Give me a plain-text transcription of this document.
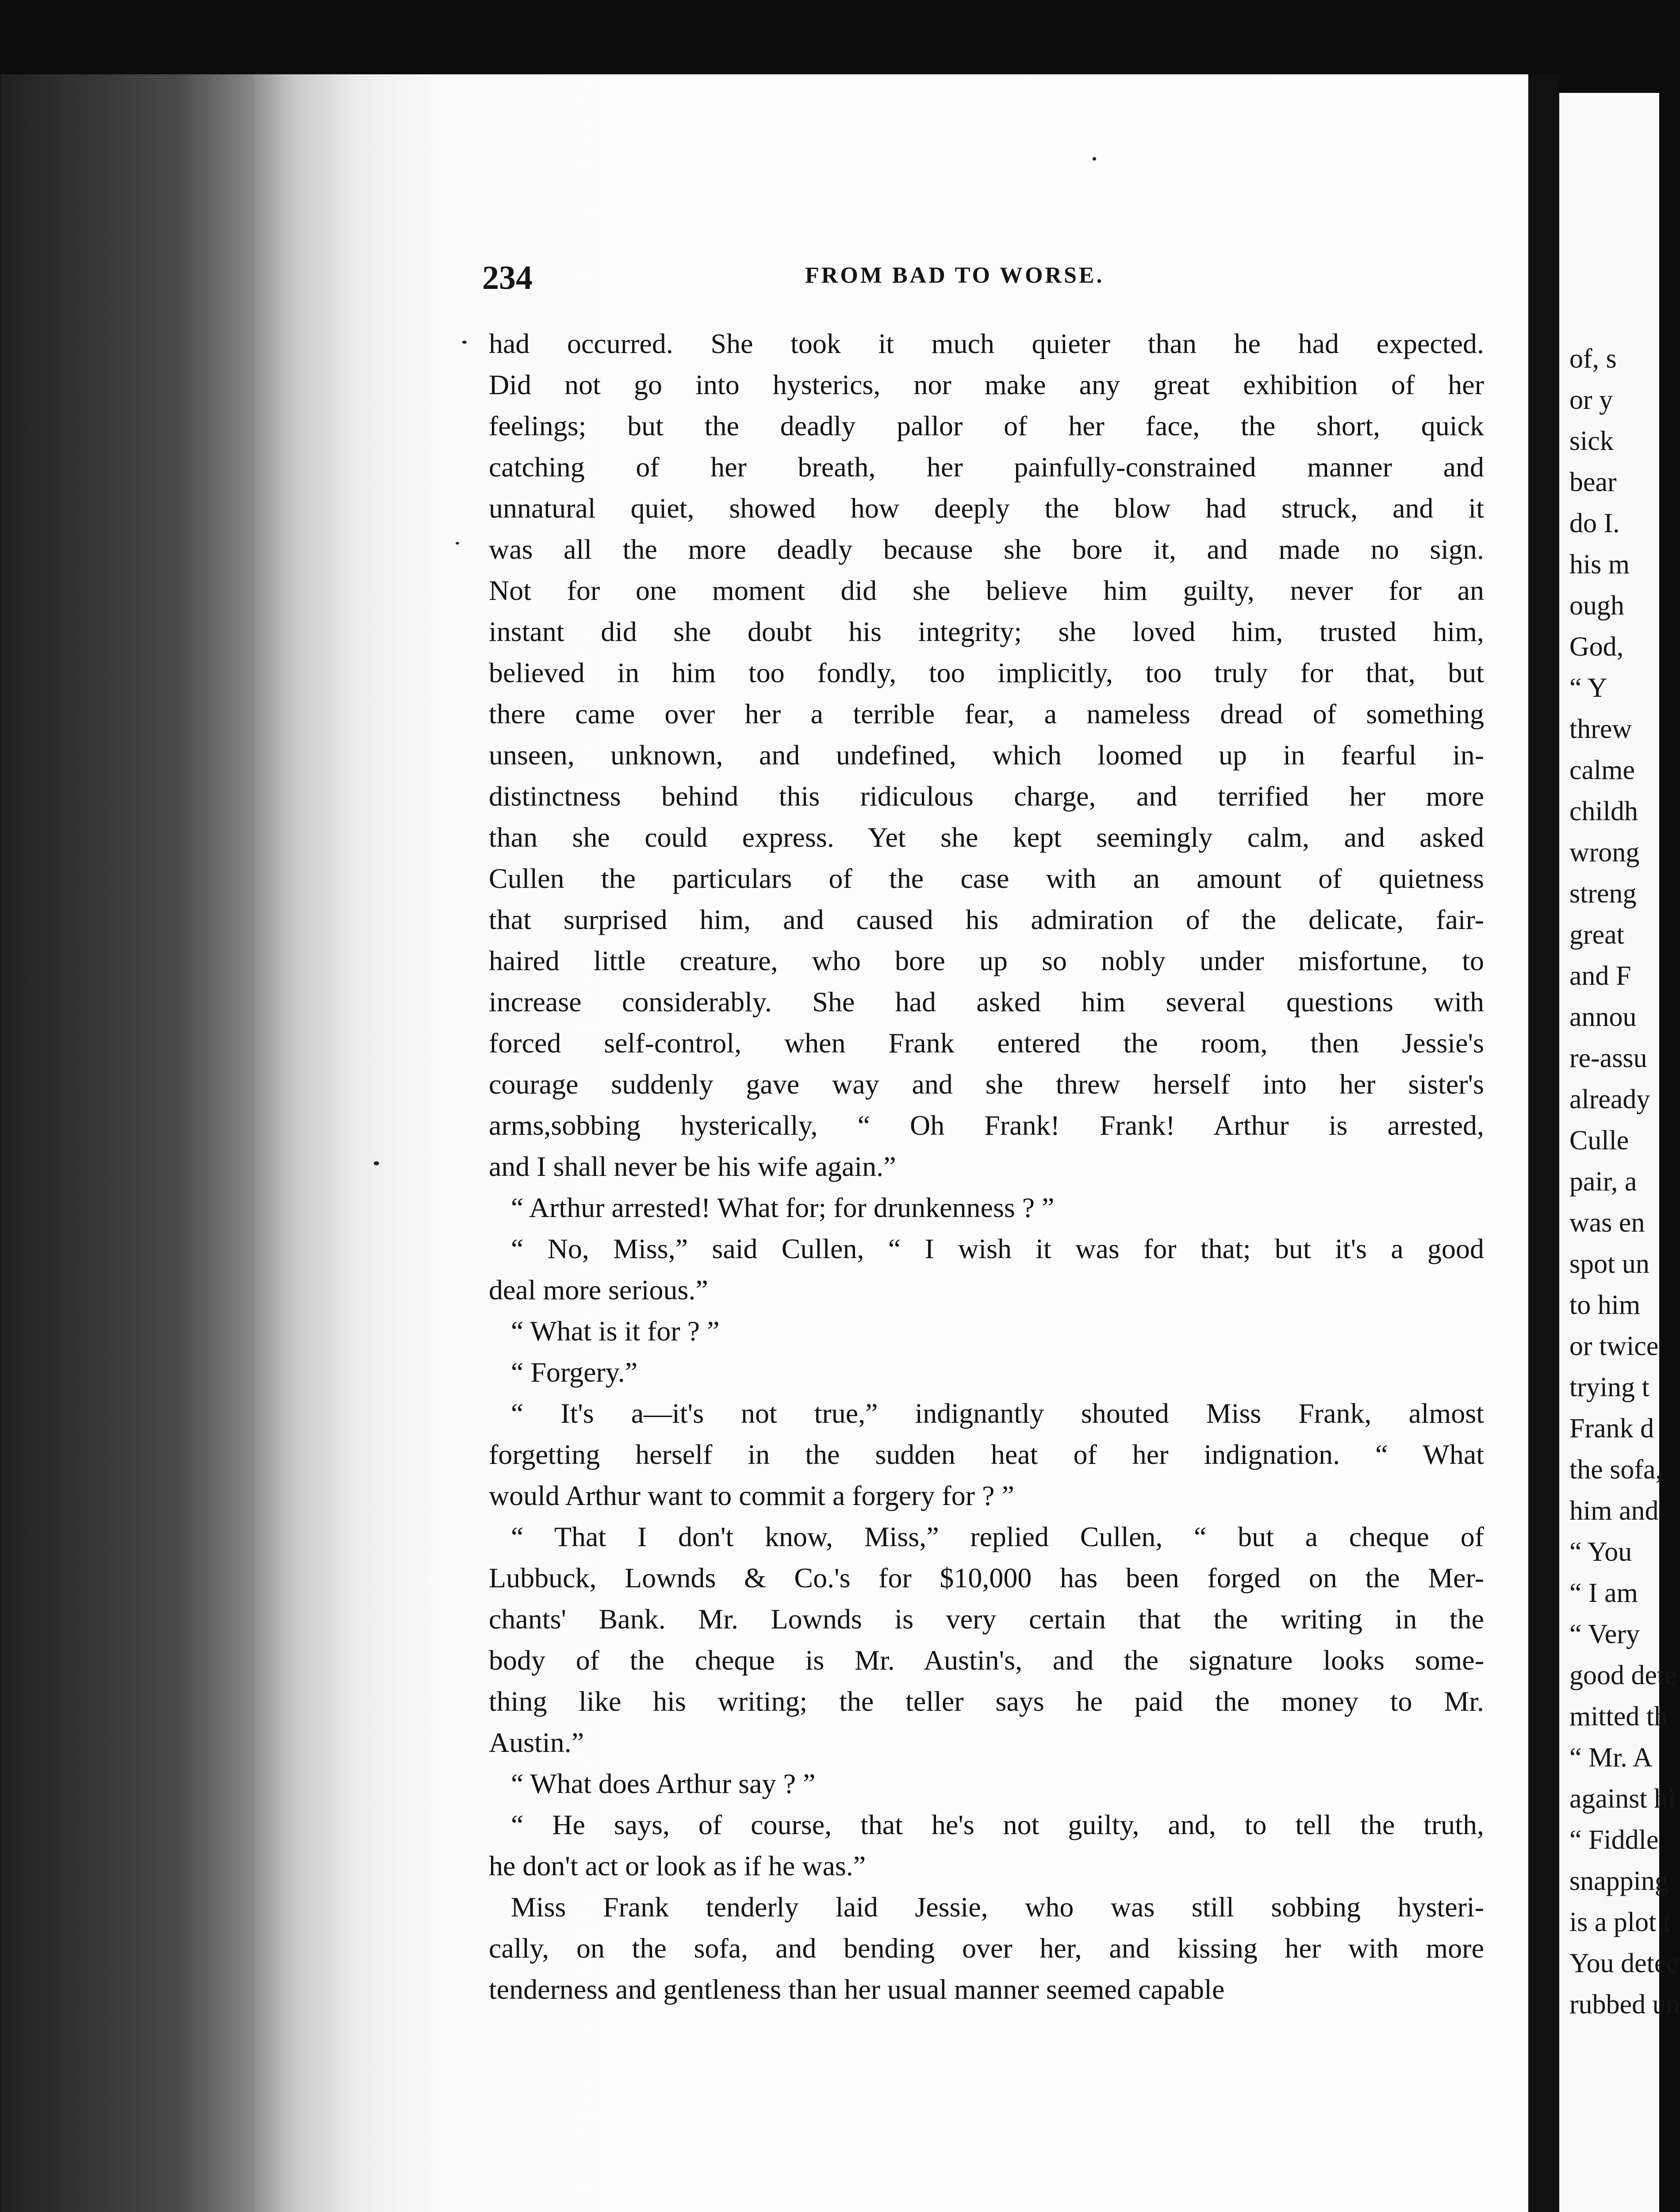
234	FROM BAD TO WORSE.
had occurred. She took it much quieter than he had expected.
Did not go into hysterics, nor make any great exhibition of her
feelings; but the deadly pallor of her face, the short, quick
catching of her breath, her painfully-constrained manner and
unnatural quiet, showed how deeply the blow had struck, and it
was all the more deadly because she bore it, and made no sign.
Not for one moment did she believe him guilty, never for an
instant did she doubt his integrity; she loved him, trusted him,
believed in him too fondly, too implicitly, too truly for that, but
there came over her a terrible fear, a nameless dread of something
unseen, unknown, and undefined, which loomed up in fearful in-
distinctness behind this ridiculous charge, and terrified her more
than she could express. Yet she kept seemingly calm, and asked
Cullen the particulars of the case with an amount of quietness
that surprised him, and caused his admiration of the delicate, fair-
haired little creature, who bore up so nobly under misfortune, to
increase considerably. She had asked him several questions with
forced self-control, when Frank entered the room, then Jessie's
courage suddenly gave way and she threw herself into her sister's
arms,sobbing hysterically, “ Oh Frank! Frank! Arthur is arrested,
and I shall never be his wife again.”
“ Arthur arrested! What for; for drunkenness ? ”
“ No, Miss,” said Cullen, “ I wish it was for that; but it's a good
deal more serious.”
“ What is it for ? ”
“ Forgery.”
“ It's a—it's not true,” indignantly shouted Miss Frank, almost
forgetting herself in the sudden heat of her indignation. “ What
would Arthur want to commit a forgery for ? ”
“ That I don't know, Miss,” replied Cullen, “ but a cheque of
Lubbuck, Lownds & Co.'s for $10,000 has been forged on the Mer-
chants' Bank. Mr. Lownds is very certain that the writing in the
body of the cheque is Mr. Austin's, and the signature looks some-
thing like his writing; the teller says he paid the money to Mr.
Austin.”
“ What does Arthur say ? ”
“ He says, of course, that he's not guilty, and, to tell the truth,
he don't act or look as if he was.”
Miss Frank tenderly laid Jessie, who was still sobbing hysteri-
cally, on the sofa, and bending over her, and kissing her with more
tenderness and gentleness than her usual manner seemed capable
of, s
or y
sick
bear
do I.
his m
ough
God,
“ Y
threw
calme
childh
wrong
streng
great
and F
annou
re-assu
already
Culle
pair, a
was en
spot un
to him
or twice
trying t
Frank d
the sofa,
him and
“ You
“ I am
“ Very
good dete
mitted th
“ Mr. A
against hi
“ Fiddle
snapping
is a plot t
You detec
rubbed un
